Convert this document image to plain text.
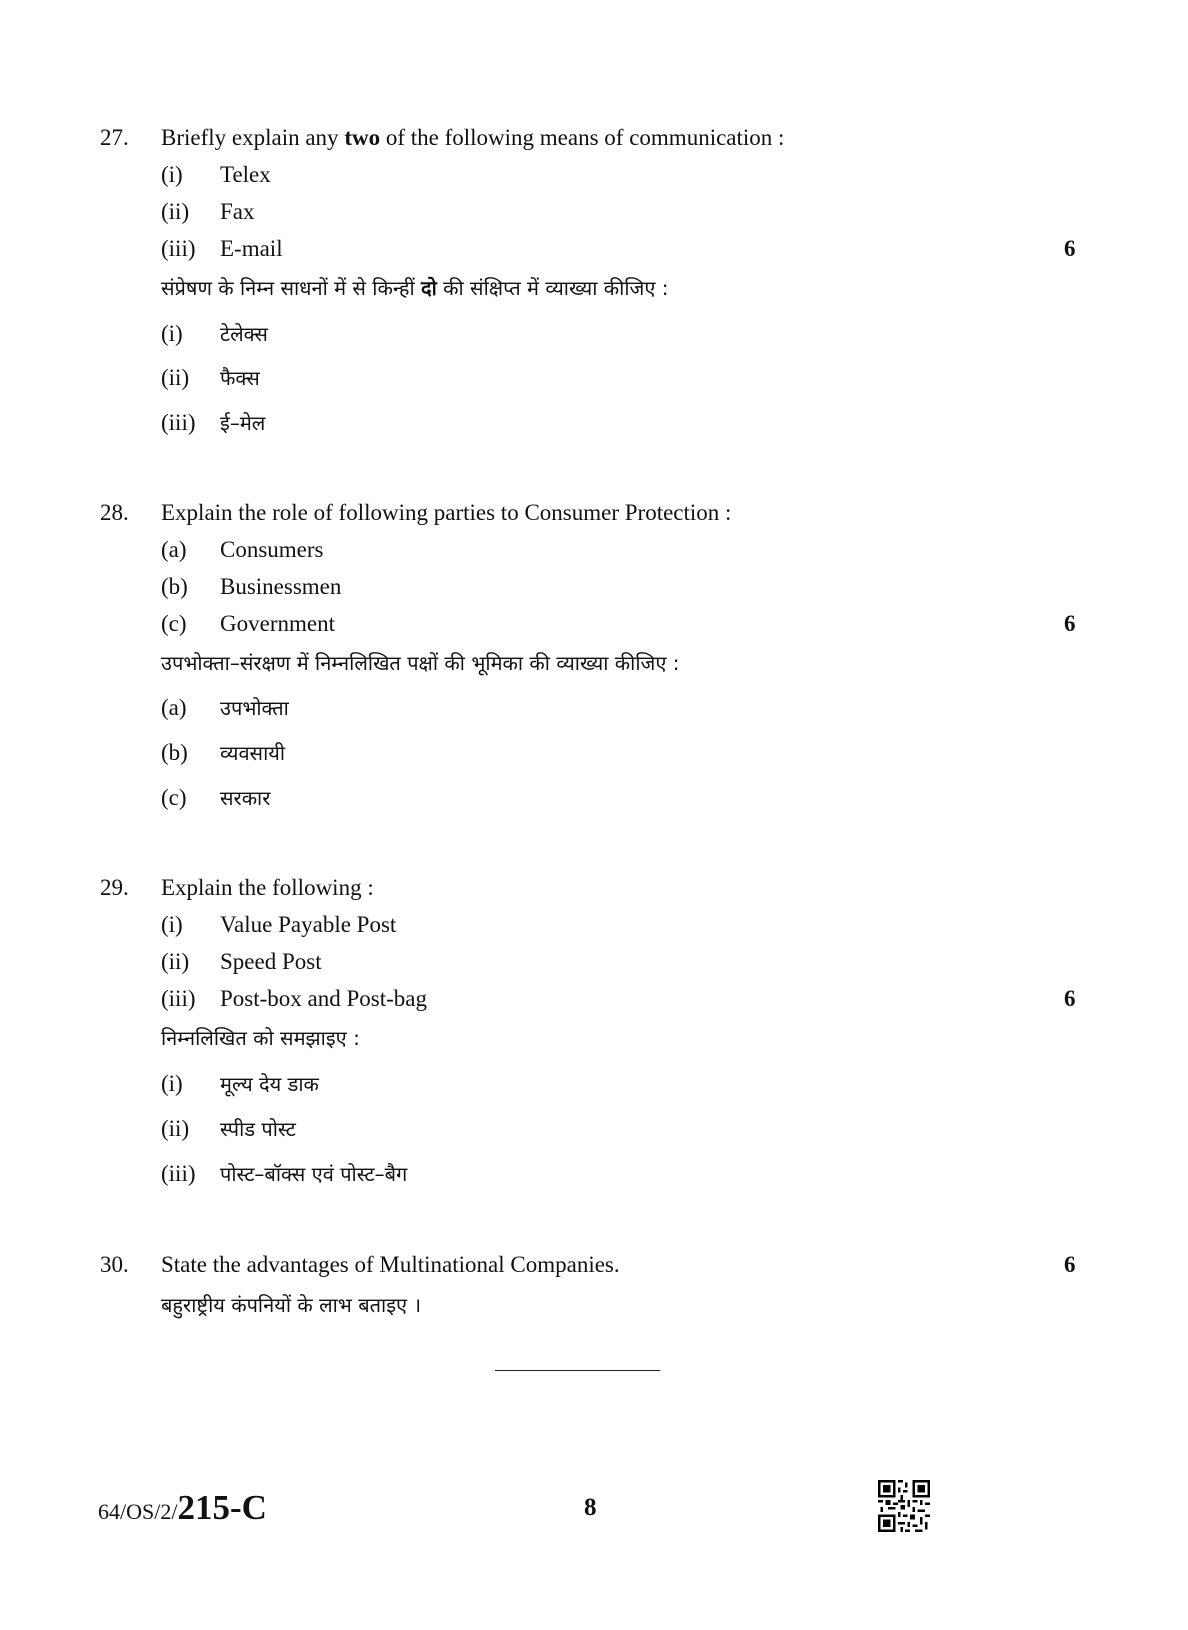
27. Briefly explain any two of the following means of communication :
(i) Telex
(ii) Fax
(iii) E-mail	6
संप्रेषण के निम्न साधनों में से किन्हीं दो की संक्षिप्त में व्याख्या कीजिए :
(i) टेलेक्स
(ii) फैक्स
(iii) ई–मेल
28. Explain the role of following parties to Consumer Protection :
(a) Consumers
(b) Businessmen
(c) Government	6
उपभोक्ता–संरक्षण में निम्नलिखित पक्षों की भूमिका की व्याख्या कीजिए :
(a) उपभोक्ता
(b) व्यवसायी
(c) सरकार
29. Explain the following :
(i) Value Payable Post
(ii) Speed Post
(iii) Post-box and Post-bag	6
निम्नलिखित को समझाइए :
(i) मूल्य देय डाक
(ii) स्पीड पोस्ट
(iii) पोस्ट–बॉक्स एवं पोस्ट–बैग
30. State the advantages of Multinational Companies.	6
बहुराष्ट्रीय कंपनियों के लाभ बताइए ।
64/OS/2/215-C	8
